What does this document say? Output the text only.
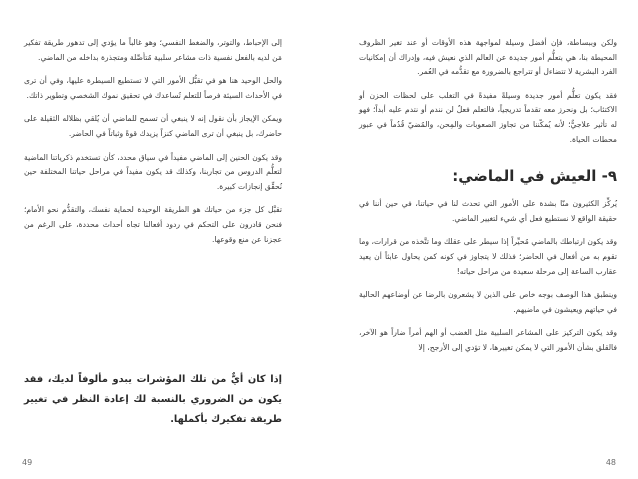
إلى الإحباط، والتوتر، والضغط النفسي؛ وهو غالباً ما يؤدي إلى تدهور طريقة تفكير مَن لديه بالفعل نفسية ذات مشاعر سلبية مُتأصِّلة ومتجذرة بداخله من الماضي.

والحل الوحيد هنا هو في تقبُّل الأمور التي لا تستطيع السيطرة عليها، وفي أن ترى في الأحداث السيئة فرصاً للتعلم تُساعدك في تحقيق نموك الشخصي وتطوير ذاتك.

ويمكن الإيجاز بأن نقول إنه لا ينبغي أن تسمح للماضي أن يُلقي بظلاله الثقيلة على حاضرك، بل ينبغي أن ترى الماضي كنزاً يزيدك قوةً وثباتاً في الحاضر.

وقد يكون الحنين إلى الماضي مفيداً في سياق محدد، كأن تستخدم ذكرياتنا الماضية لتعلُّم الدروس من تجاربنا، وكذلك قد يكون مفيداً في مراحل حياتنا المختلفة حين نُحقِّق إنجازات كبيرة.

تقبَّل كل جزء من حياتك هو الطريقة الوحيدة لحماية نفسك، والتقدُّم نحو الأمام؛ فنحن قادرون على التحكم في ردود أفعالنا تجاه أحداث محددة، على الرغم من عجزنا عن منع وقوعها.

إذا كان أيٌّ من تلك المؤشرات يبدو مألوفاً لديك، فقد يكون من الضروري بالنسبة لك إعادة النظر في تغيير طريقة تفكيرك بأكملها.
49

ولكن وببساطة، فإن أفضل وسيلة لمواجهة هذه الأوقات أو عند تغير الظروف المحيطة بنا، هي بتعلُّم أمور جديدة عن العالم الذي نعيش فيه، وإدراك أن إمكانيات الفرد البشرية لا تتضاءل أو تتراجع بالضرورة مع تقدُّمه في العُمر.

فقد يكون تعلُّم أمور جديدة وسيلةً مفيدةً في التغلب على لحظات الحزن أو الاكتئاب؛ بل ونحرز معه تقدماً تدريجياً، فالتعلم فعلٌ لن نندم أو نتدم عليه أبداً؛ فهو له تأثير علاجيٌّ؛ لأنه يُمكّننا من تجاوز الصعوبات والمِحن، والمُضيّ قُدُماً في عبور محطات الحياة.

٩- العيش في الماضي:

يُركِّز الكثيرون منّا بشدة على الأمور التي تحدث لنا في حياتنا، في حين أننا في حقيقة الواقع لا نستطيع فعل أي شيء لتغيير الماضي.

وقد يكون ارتباطك بالماضي مُحيِّراً إذا سيطر على عقلك وما تتَّخذه من قرارات، وما تقوم به من أفعال في الحاضر؛ فذلك لا يتجاوز في كونه كمن يحاول عابثاً أن يعيد عقارب الساعة إلى مرحلة سعيدة من مراحل حياته!

وينطبق هذا الوصف بوجه خاص على الذين لا يشعرون بالرضا عن أوضاعهم الحالية في حياتهم ويعيشون في ماضيهم.

وقد يكون التركيز على المشاعر السلبية مثل الغضب أو الهم أمراً ضاراً هو الآخر، فالقلق بشأن الأمور التي لا يمكن تغييرها، لا تؤدي إلى الأرجح، إلا

48
